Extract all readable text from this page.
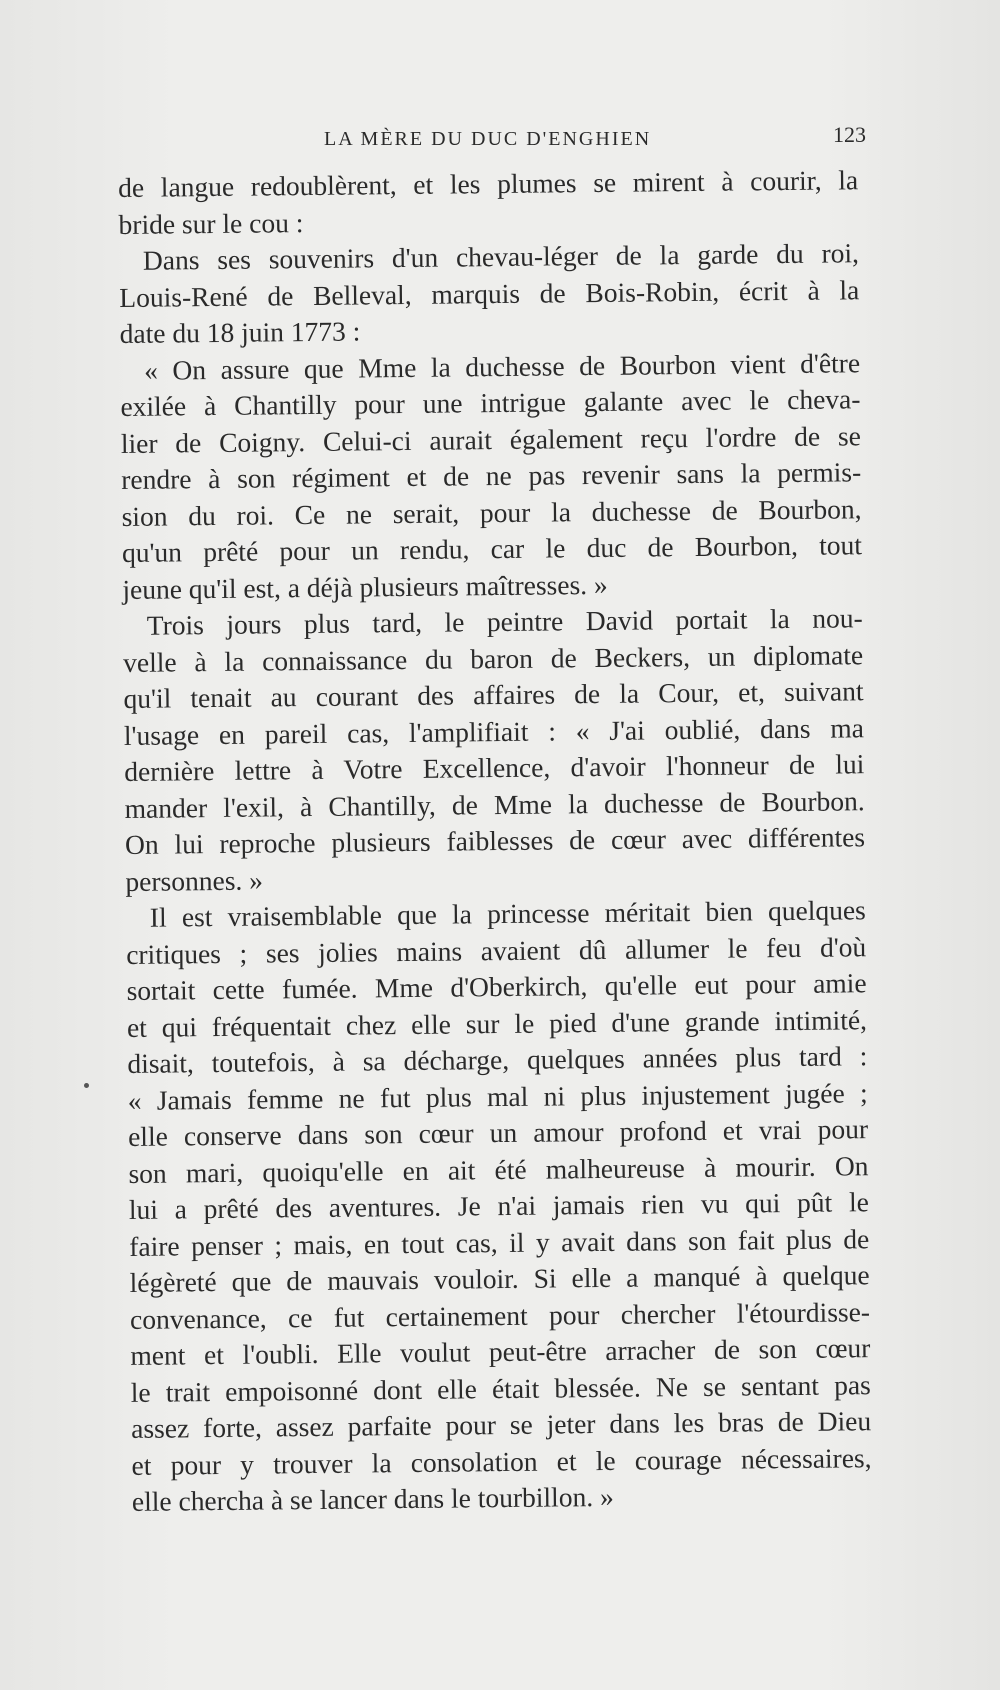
LA MÈRE DU DUC D'ENGHIEN	123
de langue redoublèrent, et les plumes se mirent à courir, la
bride sur le cou :
Dans ses souvenirs d'un chevau-léger de la garde du roi,
Louis-René de Belleval, marquis de Bois-Robin, écrit à la
date du 18 juin 1773 :
« On assure que Mme la duchesse de Bourbon vient d'être
exilée à Chantilly pour une intrigue galante avec le cheva-
lier de Coigny. Celui-ci aurait également reçu l'ordre de se
rendre à son régiment et de ne pas revenir sans la permis-
sion du roi. Ce ne serait, pour la duchesse de Bourbon,
qu'un prêté pour un rendu, car le duc de Bourbon, tout
jeune qu'il est, a déjà plusieurs maîtresses. »
Trois jours plus tard, le peintre David portait la nou-
velle à la connaissance du baron de Beckers, un diplomate
qu'il tenait au courant des affaires de la Cour, et, suivant
l'usage en pareil cas, l'amplifiait : « J'ai oublié, dans ma
dernière lettre à Votre Excellence, d'avoir l'honneur de lui
mander l'exil, à Chantilly, de Mme la duchesse de Bourbon.
On lui reproche plusieurs faiblesses de cœur avec différentes
personnes. »
Il est vraisemblable que la princesse méritait bien quelques
critiques ; ses jolies mains avaient dû allumer le feu d'où
sortait cette fumée. Mme d'Oberkirch, qu'elle eut pour amie
et qui fréquentait chez elle sur le pied d'une grande intimité,
disait, toutefois, à sa décharge, quelques années plus tard :
« Jamais femme ne fut plus mal ni plus injustement jugée ;
elle conserve dans son cœur un amour profond et vrai pour
son mari, quoiqu'elle en ait été malheureuse à mourir. On
lui a prêté des aventures. Je n'ai jamais rien vu qui pût le
faire penser ; mais, en tout cas, il y avait dans son fait plus de
légèreté que de mauvais vouloir. Si elle a manqué à quelque
convenance, ce fut certainement pour chercher l'étourdisse-
ment et l'oubli. Elle voulut peut-être arracher de son cœur
le trait empoisonné dont elle était blessée. Ne se sentant pas
assez forte, assez parfaite pour se jeter dans les bras de Dieu
et pour y trouver la consolation et le courage nécessaires,
elle chercha à se lancer dans le tourbillon. »
